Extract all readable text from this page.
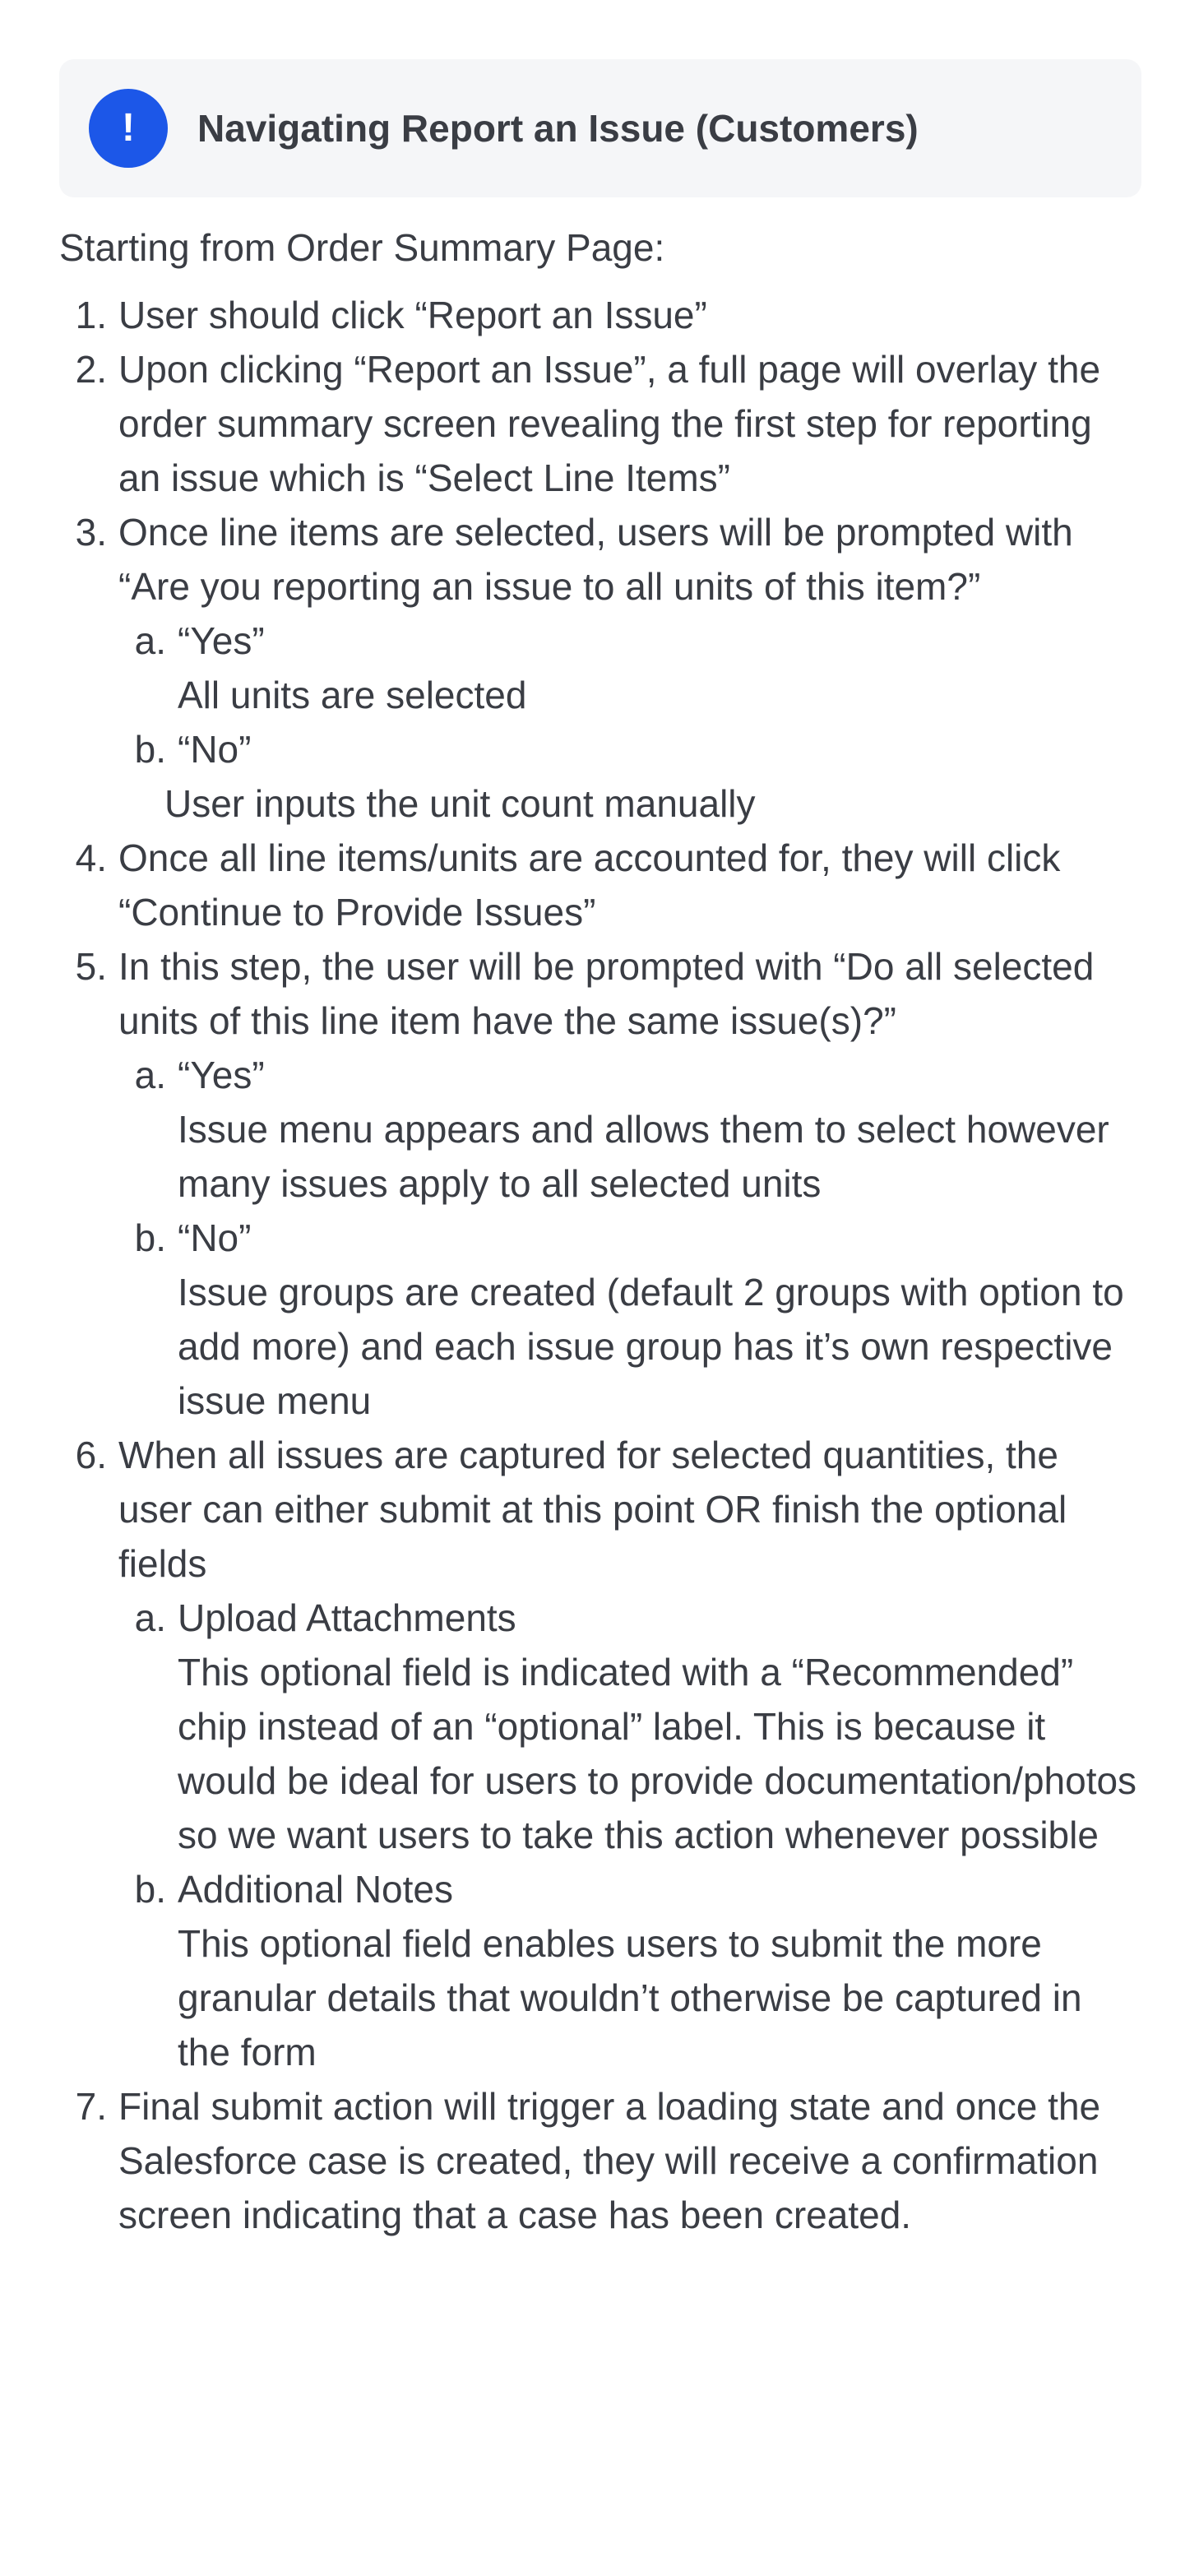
!	Navigating Report an Issue (Customers)

Starting from Order Summary Page:

1. User should click “Report an Issue”
2. Upon clicking “Report an Issue”, a full page will overlay the order summary screen revealing the first step for reporting an issue which is “Select Line Items”
3. Once line items are selected, users will be prompted with “Are you reporting an issue to all units of this item?”
a. “Yes”
All units are selected
b. “No”
User inputs the unit count manually
4. Once all line items/units are accounted for, they will click “Continue to Provide Issues”
5. In this step, the user will be prompted with “Do all selected units of this line item have the same issue(s)?”
a. “Yes”
Issue menu appears and allows them to select however many issues apply to all selected units
b. “No”
Issue groups are created (default 2 groups with option to add more) and each issue group has it’s own respective issue menu
6. When all issues are captured for selected quantities, the user can either submit at this point OR finish the optional fields
a. Upload Attachments
This optional field is indicated with a “Recommended” chip instead of an “optional” label. This is because it would be ideal for users to provide documentation/photos so we want users to take this action whenever possible
b. Additional Notes
This optional field enables users to submit the more granular details that wouldn’t otherwise be captured in the form
7. Final submit action will trigger a loading state and once the Salesforce case is created, they will receive a confirmation screen indicating that a case has been created.
